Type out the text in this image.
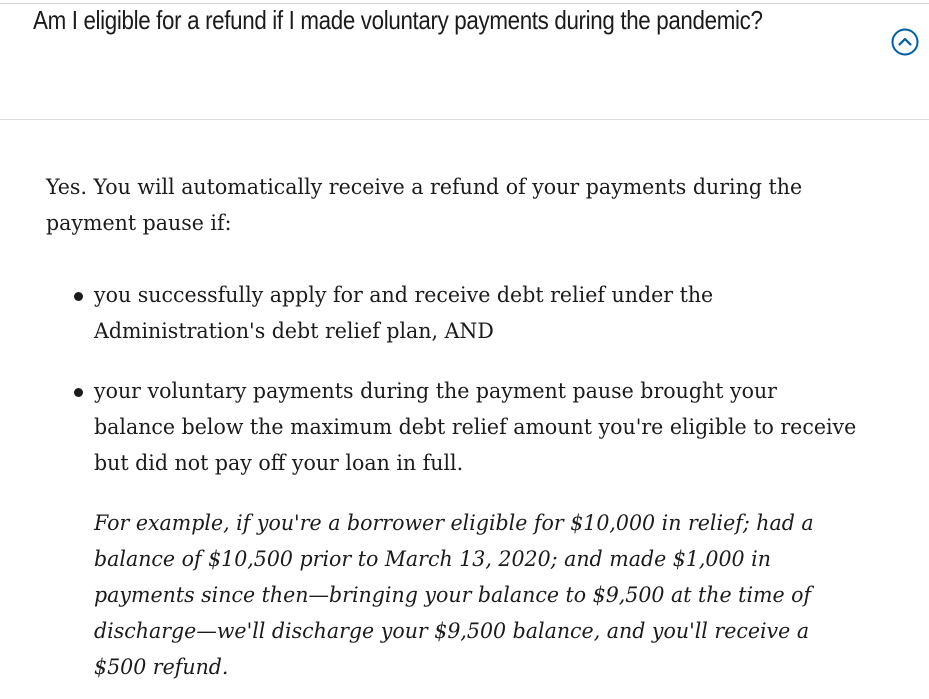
Am I eligible for a refund if I made voluntary payments during the pandemic?

Yes. You will automatically receive a refund of your payments during the payment pause if:

you successfully apply for and receive debt relief under the Administration's debt relief plan, AND
your voluntary payments during the payment pause brought your balance below the maximum debt relief amount you're eligible to receive but did not pay off your loan in full.

For example, if you're a borrower eligible for $10,000 in relief; had a balance of $10,500 prior to March 13, 2020; and made $1,000 in payments since then—bringing your balance to $9,500 at the time of discharge—we'll discharge your $9,500 balance, and you'll receive a $500 refund.
